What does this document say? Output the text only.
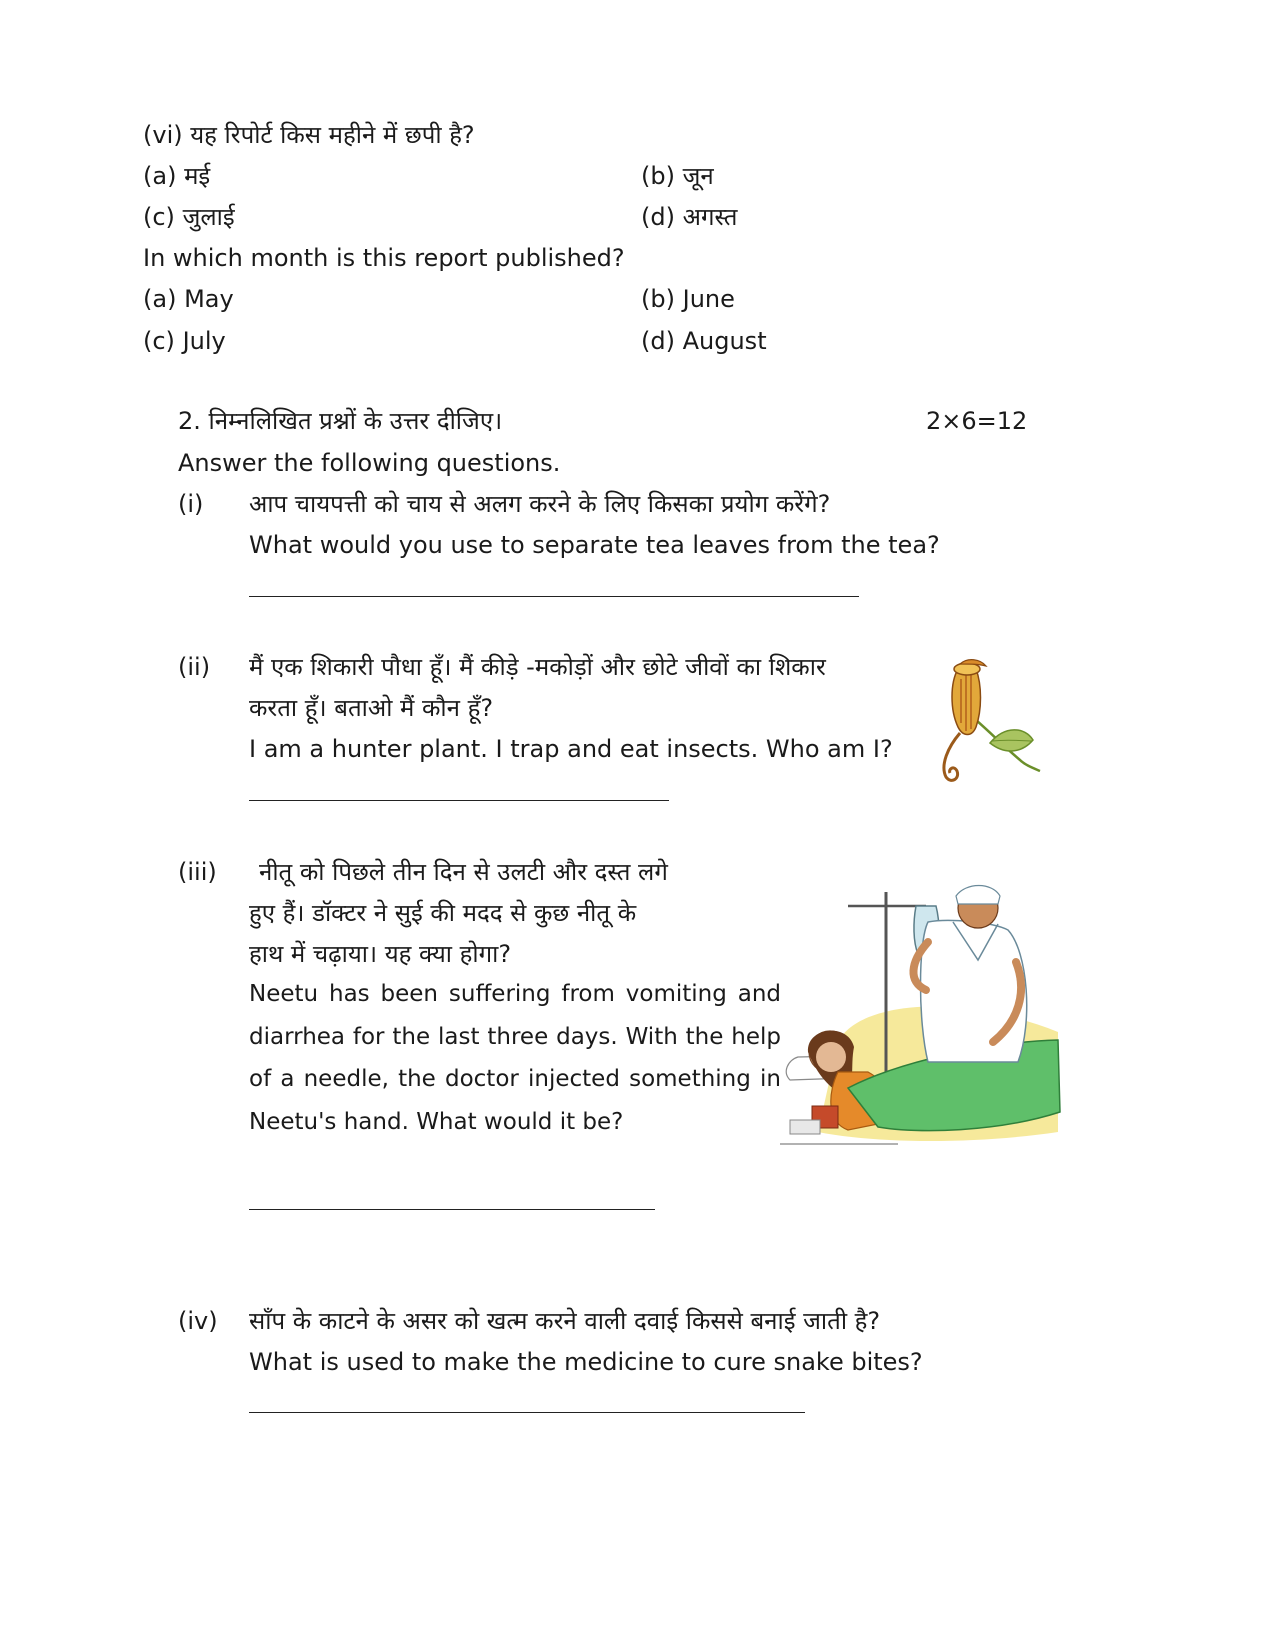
(vi) यह रिपोर्ट किस महीने में छपी है?
(a) मई	(b) जून
(c) जुलाई	(d) अगस्त
In which month is this report published?
(a) May	(b) June
(c) July	(d) August
2. निम्नलिखित प्रश्नों के उत्तर दीजिए।	2×6=12
Answer the following questions.
(i) आप चायपत्ती को चाय से अलग करने के लिए किसका प्रयोग करेंगे?
What would you use to separate tea leaves from the tea?
(ii) मैं एक शिकारी पौधा हूँ। मैं कीड़े -मकोड़ों और छोटे जीवों का शिकार
करता हूँ। बताओ मैं कौन हूँ?
I am a hunter plant. I trap and eat insects. Who am I?
(iii) नीतू को पिछले तीन दिन से उलटी और दस्त लगे
हुए हैं। डॉक्टर ने सुई की मदद से कुछ नीतू के
हाथ में चढ़ाया। यह क्या होगा?
Neetu has been suffering from vomiting and diarrhea for the last three days. With the help of a needle, the doctor injected something in Neetu's hand. What would it be?
(iv) साँप के काटने के असर को खत्म करने वाली दवाई किससे बनाई जाती है?
What is used to make the medicine to cure snake bites?
